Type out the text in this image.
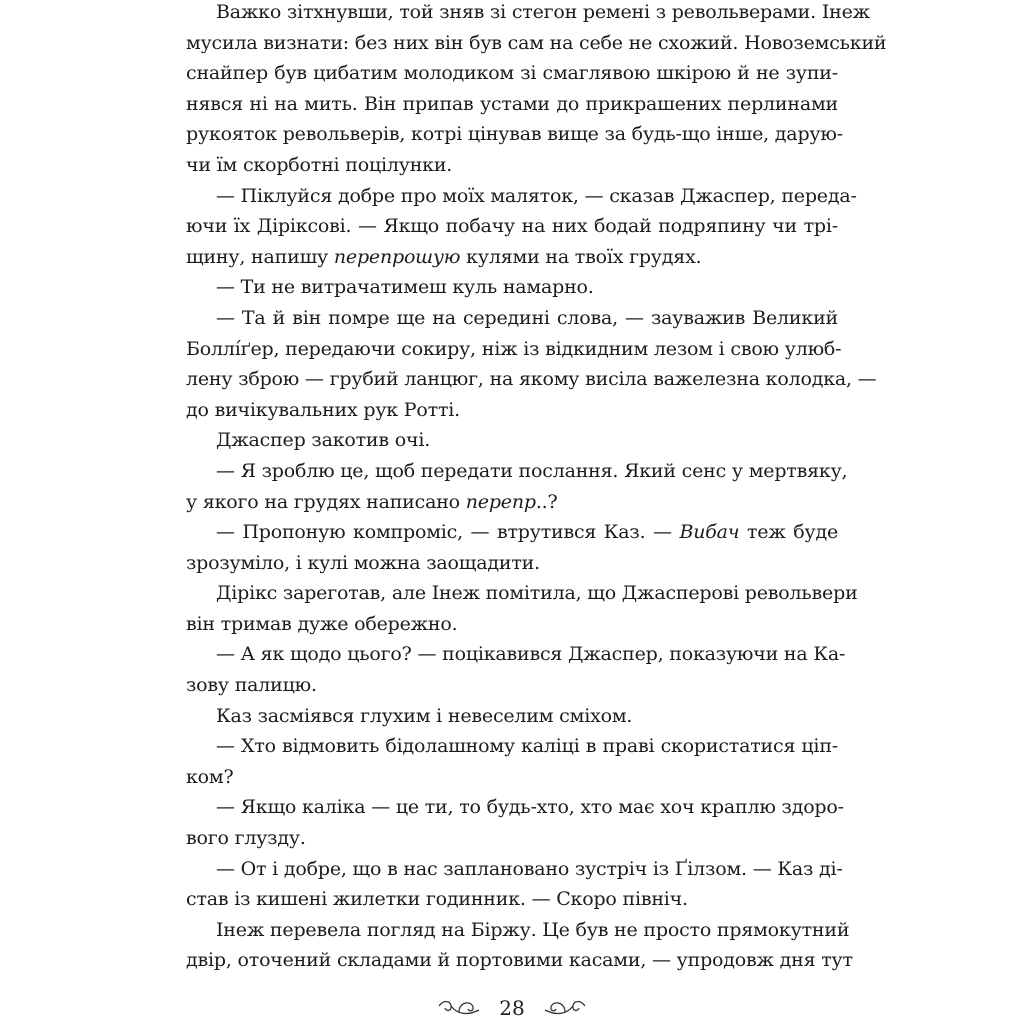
Важко зітхнувши, той зняв зі стегон ремені з револьверами. Інеж
мусила визнати: без них він був сам на себе не схожий. Новоземський
снайпер був цибатим молодиком зі смаглявою шкірою й не зупи-
нявся ні на мить. Він припав устами до прикрашених перлинами
рукояток револьверів, котрі цінував вище за будь-що інше, дарую-
чи їм скорботні поцілунки.
— Піклуйся добре про моїх маляток, — сказав Джаспер, переда-
ючи їх Діріксові. — Якщо побачу на них бодай подряпину чи трі-
щину, напишу перепрошую кулями на твоїх грудях.
— Ти не витрачатимеш куль намарно.
— Та й він помре ще на середині слова, — зауважив Великий
Боллі́ґер, передаючи сокиру, ніж із відкидним лезом і свою улюб-
лену зброю — грубий ланцюг, на якому висіла важелезна колодка, —
до вичікувальних рук Ротті.
Джаспер закотив очі.
— Я зроблю це, щоб передати послання. Який сенс у мертвяку,
у якого на грудях написано перепр..?
— Пропоную компроміс, — втрутився Каз. — Вибач теж буде
зрозуміло, і кулі можна заощадити.
Дірікс зареготав, але Інеж помітила, що Джасперові револьвери
він тримав дуже обережно.
— А як щодо цього? — поцікавився Джаспер, показуючи на Ка-
зову палицю.
Каз засміявся глухим і невеселим сміхом.
— Хто відмовить бідолашному каліці в праві скористатися ціп-
ком?
— Якщо каліка — це ти, то будь-хто, хто має хоч краплю здоро-
вого глузду.
— От і добре, що в нас заплановано зустріч із Ґілзом. — Каз ді-
став із кишені жилетки годинник. — Скоро північ.
Інеж перевела погляд на Біржу. Це був не просто прямокутний
двір, оточений складами й портовими касами, — упродовж дня тут
28
